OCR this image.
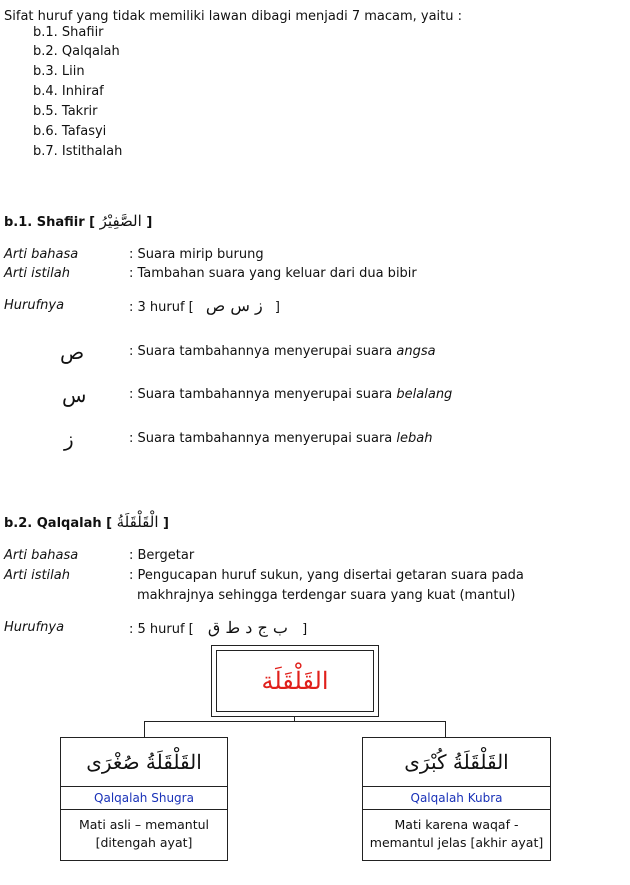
Sifat huruf yang tidak memiliki lawan dibagi menjadi 7 macam, yaitu :
b.1. Shafiir
b.2. Qalqalah
b.3. Liin
b.4. Inhiraf
b.5. Takrir
b.6. Tafasyi
b.7. Istithalah
b.1. Shafiir [ الصَّفِيْرُ ]
Arti bahasa	: Suara mirip burung
Arti istilah	: Tambahan suara yang keluar dari dua bibir
Hurufnya	: 3 huruf [ ز س ص ]
ص	: Suara tambahannya menyerupai suara angsa
س	: Suara tambahannya menyerupai suara belalang
ز	: Suara tambahannya menyerupai suara lebah
b.2. Qalqalah [ الْقَلْقَلَةُ ]
Arti bahasa	: Bergetar
Arti istilah	: Pengucapan huruf sukun, yang disertai getaran suara pada
makhrajnya sehingga terdengar suara yang kuat (mantul)
Hurufnya	: 5 huruf [ ب ج د ط ق ]
القَلْقَلَة
القَلْقَلَةُ صُغْرَى
Qalqalah Shugra
Mati asli – memantul
[ditengah ayat]
القَلْقَلَةُ كُبْرَى
Qalqalah Kubra
Mati karena waqaf -
memantul jelas [akhir ayat]
